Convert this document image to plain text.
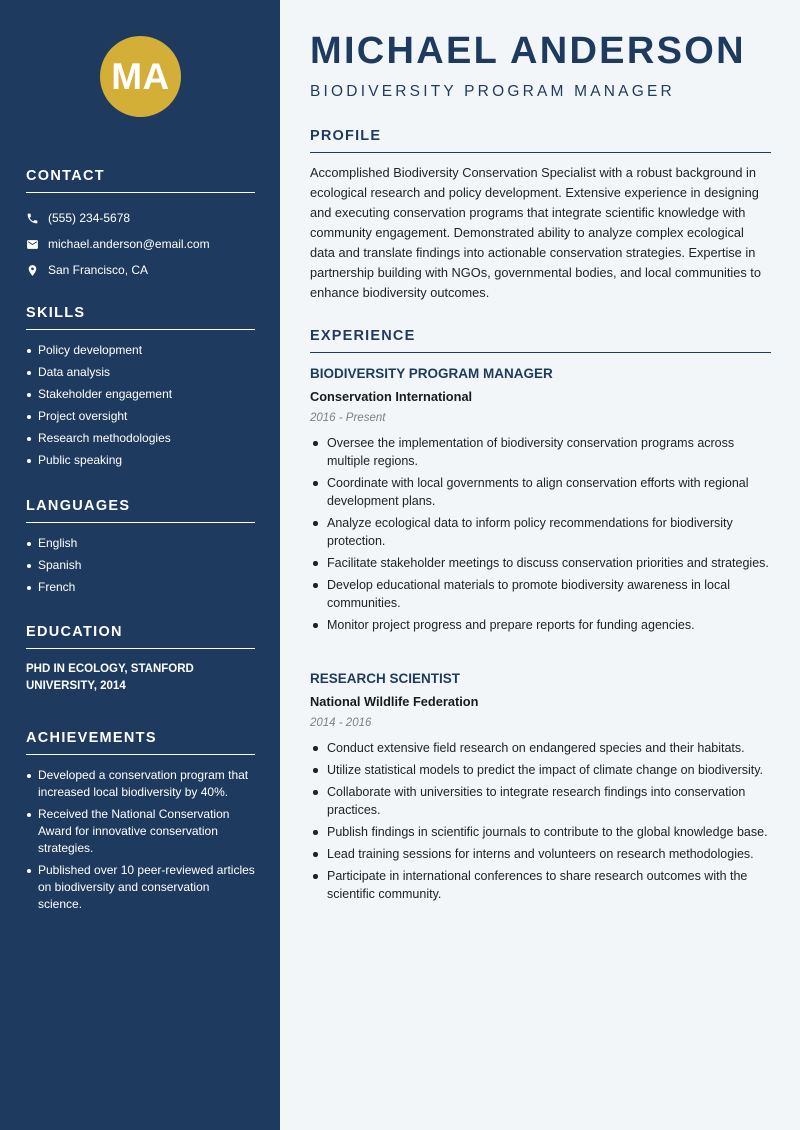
MA
CONTACT
(555) 234-5678
michael.anderson@email.com
San Francisco, CA
SKILLS
Policy development
Data analysis
Stakeholder engagement
Project oversight
Research methodologies
Public speaking
LANGUAGES
English
Spanish
French
EDUCATION
PHD IN ECOLOGY, STANFORD UNIVERSITY, 2014
ACHIEVEMENTS
Developed a conservation program that increased local biodiversity by 40%.
Received the National Conservation Award for innovative conservation strategies.
Published over 10 peer-reviewed articles on biodiversity and conservation science.
MICHAEL ANDERSON
BIODIVERSITY PROGRAM MANAGER
PROFILE
Accomplished Biodiversity Conservation Specialist with a robust background in ecological research and policy development. Extensive experience in designing and executing conservation programs that integrate scientific knowledge with community engagement. Demonstrated ability to analyze complex ecological data and translate findings into actionable conservation strategies. Expertise in partnership building with NGOs, governmental bodies, and local communities to enhance biodiversity outcomes.
EXPERIENCE
BIODIVERSITY PROGRAM MANAGER
Conservation International
2016 - Present
Oversee the implementation of biodiversity conservation programs across multiple regions.
Coordinate with local governments to align conservation efforts with regional development plans.
Analyze ecological data to inform policy recommendations for biodiversity protection.
Facilitate stakeholder meetings to discuss conservation priorities and strategies.
Develop educational materials to promote biodiversity awareness in local communities.
Monitor project progress and prepare reports for funding agencies.
RESEARCH SCIENTIST
National Wildlife Federation
2014 - 2016
Conduct extensive field research on endangered species and their habitats.
Utilize statistical models to predict the impact of climate change on biodiversity.
Collaborate with universities to integrate research findings into conservation practices.
Publish findings in scientific journals to contribute to the global knowledge base.
Lead training sessions for interns and volunteers on research methodologies.
Participate in international conferences to share research outcomes with the scientific community.
